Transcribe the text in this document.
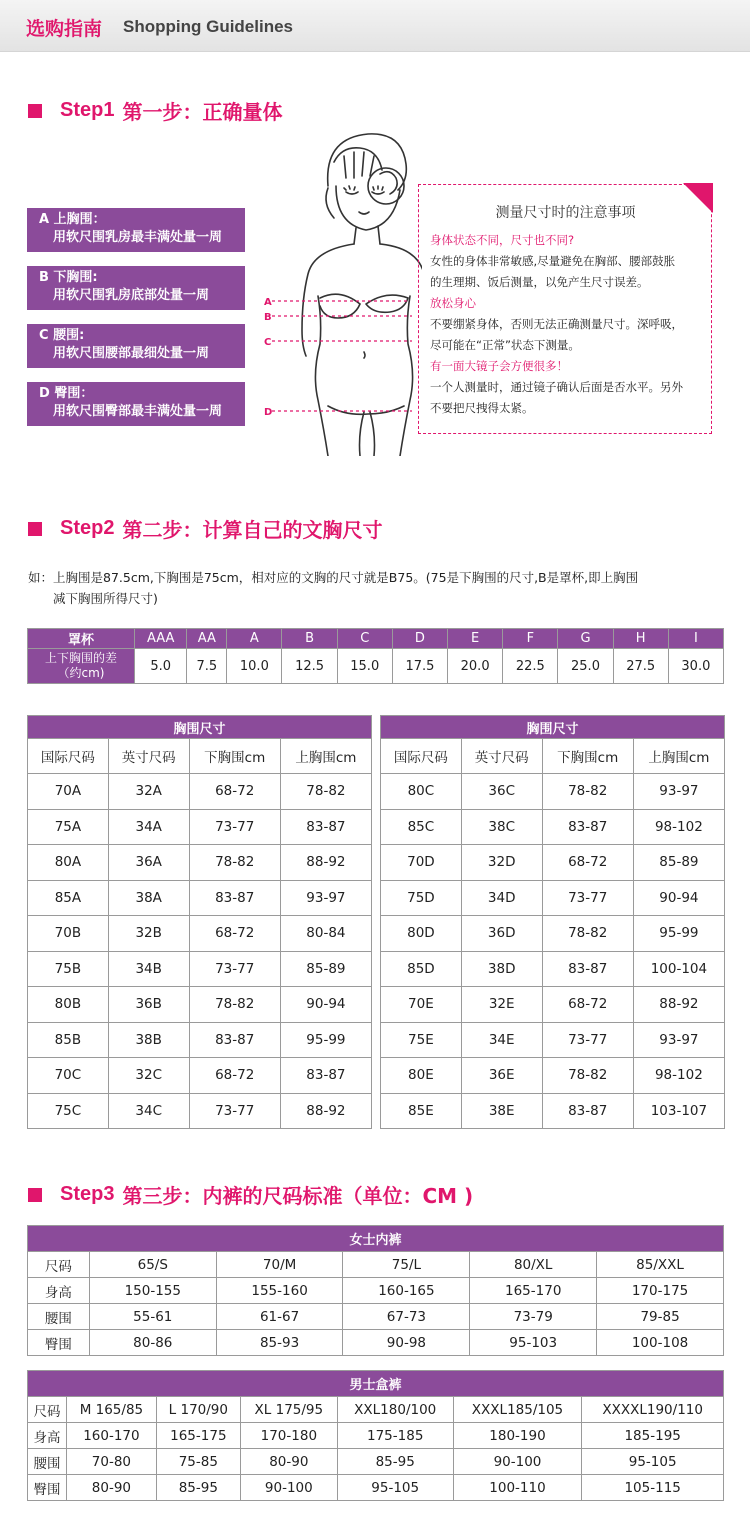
选购指南 Shopping Guidelines
Step1 第一步：正确量体
A 上胸围：
用软尺围乳房最丰满处量一周
B 下胸围:
用软尺围乳房底部处量一周
C 腰围:
用软尺围腰部最细处量一周
D 臀围：
用软尺围臀部最丰满处量一周
A
B
C
D
测量尺寸时的注意事项
身体状态不同，尺寸也不同?
女性的身体非常敏感,尽量避免在胸部、腰部鼓胀
的生理期、饭后测量，以免产生尺寸误差。
放松身心
不要绷紧身体，否则无法正确测量尺寸。深呼吸，
尽可能在“正常”状态下测量。
有一面大镜子会方便很多！
一个人测量时，通过镜子确认后面是否水平。另外
不要把尺拽得太紧。
Step2 第二步：计算自己的文胸尺寸
如：上胸围是87.5cm,下胸围是75cm，相对应的文胸的尺寸就是B75。(75是下胸围的尺寸,B是罩杯,即上胸围
减下胸围所得尺寸)
罩杯	AAA	AA	A	B	C	D	E	F	G	H	I

上下胸围的差
（约cm)	5.0	7.5	10.0	12.5	15.0	17.5	20.0	22.5	25.0	27.5	30.0
胸围尺寸			
国际尺码	英寸尺码	下胸围cm	上胸围cm
70A	32A	68-72	78-82
75A	34A	73-77	83-87
80A	36A	78-82	88-92
85A	38A	83-87	93-97
70B	32B	68-72	80-84
75B	34B	73-77	85-89
80B	36B	78-82	90-94
85B	38B	83-87	95-99
70C	32C	68-72	83-87
75C	34C	73-77	88-92
胸围尺寸			
国际尺码	英寸尺码	下胸围cm	上胸围cm
80C	36C	78-82	93-97
85C	38C	83-87	98-102
70D	32D	68-72	85-89
75D	34D	73-77	90-94
80D	36D	78-82	95-99
85D	38D	83-87	100-104
70E	32E	68-72	88-92
75E	34E	73-77	93-97
80E	36E	78-82	98-102
85E	38E	83-87	103-107
Step3 第三步：内裤的尺码标准（单位：CM )
女士内裤					
尺码	65/S	70/M	75/L	80/XL	85/XXL
身高	150-155	155-160	160-165	165-170	170-175
腰围	55-61	61-67	67-73	73-79	79-85
臀围	80-86	85-93	90-98	95-103	100-108
男士盒裤						
尺码	M 165/85	L 170/90	XL 175/95	XXL180/100	XXXL185/105	XXXXL190/110
身高	160-170	165-175	170-180	175-185	180-190	185-195
腰围	70-80	75-85	80-90	85-95	90-100	95-105
臀围	80-90	85-95	90-100	95-105	100-110	105-115
